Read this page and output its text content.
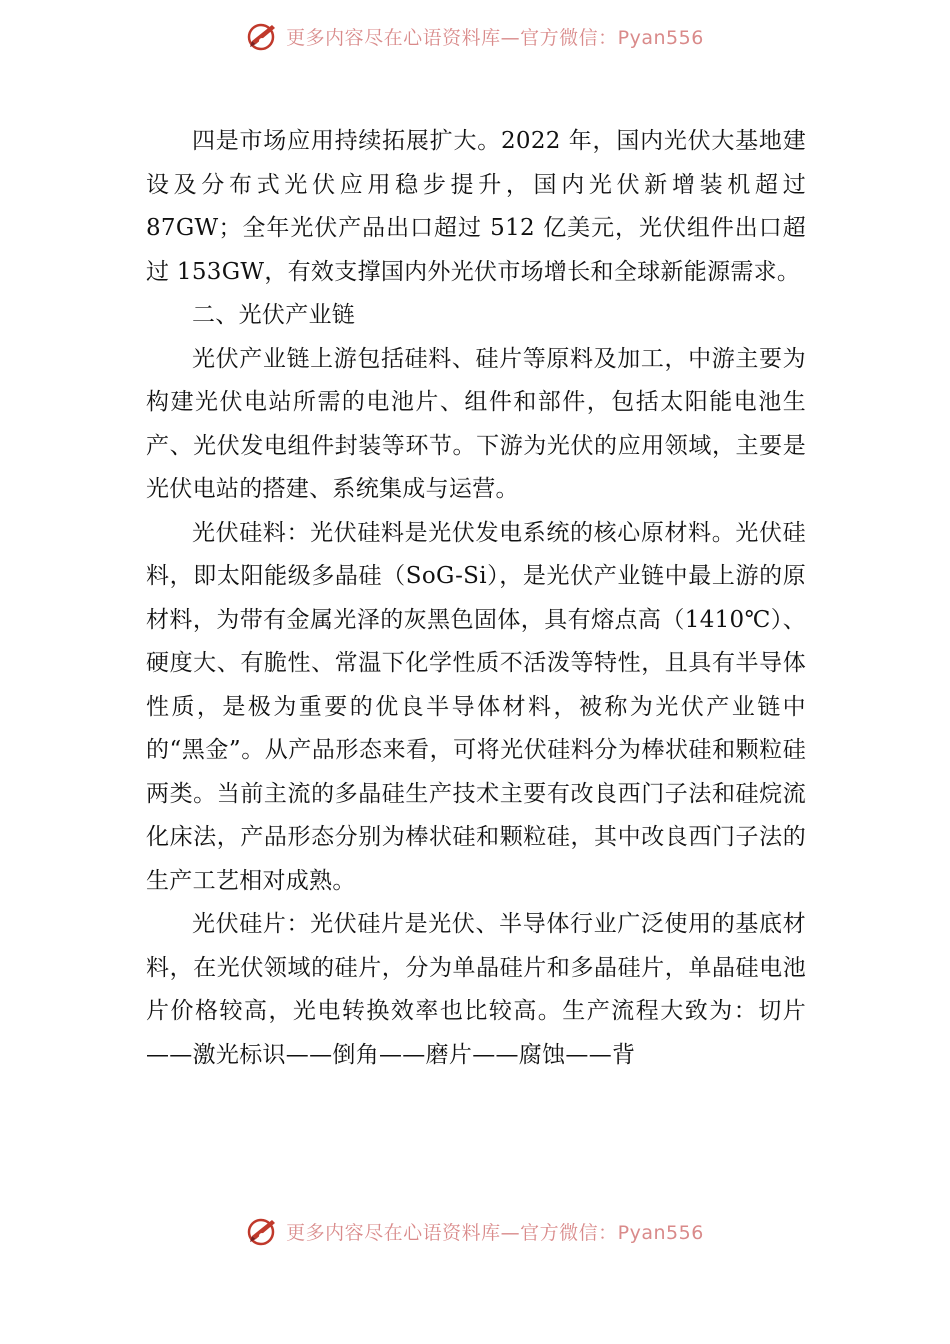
更多内容尽在心语资料库—官方微信：Pyan556

四是市场应用持续拓展扩大。2022 年，国内光伏大基地建设及分布式光伏应用稳步提升，国内光伏新增装机超过 87GW；全年光伏产品出口超过 512 亿美元，光伏组件出口超过 153GW，有效支撑国内外光伏市场增长和全球新能源需求。

二、光伏产业链

光伏产业链上游包括硅料、硅片等原料及加工，中游主要为构建光伏电站所需的电池片、组件和部件，包括太阳能电池生产、光伏发电组件封装等环节。下游为光伏的应用领域，主要是光伏电站的搭建、系统集成与运营。

光伏硅料：光伏硅料是光伏发电系统的核心原材料。光伏硅料，即太阳能级多晶硅（SoG-Si），是光伏产业链中最上游的原材料，为带有金属光泽的灰黑色固体，具有熔点高（1410℃）、硬度大、有脆性、常温下化学性质不活泼等特性，且具有半导体性质，是极为重要的优良半导体材料，被称为光伏产业链中的“黑金”。从产品形态来看，可将光伏硅料分为棒状硅和颗粒硅两类。当前主流的多晶硅生产技术主要有改良西门子法和硅烷流化床法，产品形态分别为棒状硅和颗粒硅，其中改良西门子法的生产工艺相对成熟。

光伏硅片：光伏硅片是光伏、半导体行业广泛使用的基底材料，在光伏领域的硅片，分为单晶硅片和多晶硅片，单晶硅电池片价格较高，光电转换效率也比较高。生产流程大致为：切片——激光标识——倒角——磨片——腐蚀——背

更多内容尽在心语资料库—官方微信：Pyan556
